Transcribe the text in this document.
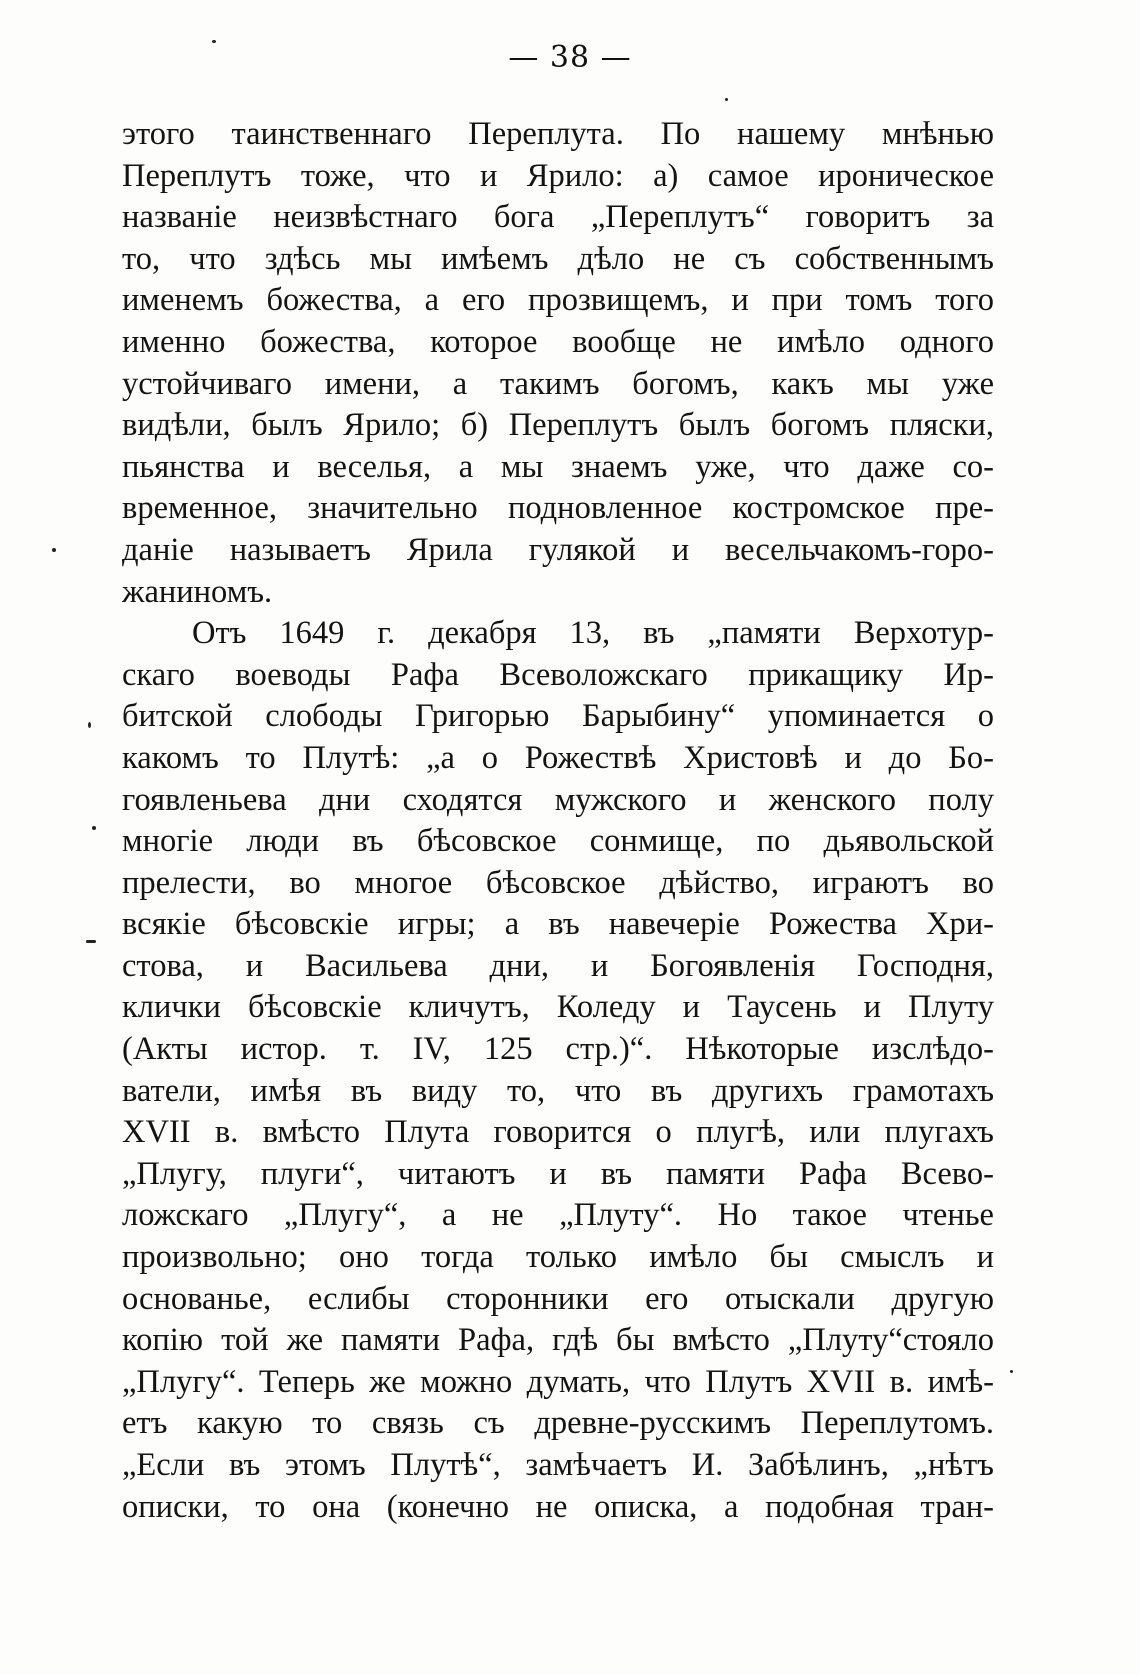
— 38 —
этого таинственнаго Переплута. По нашему мнѣнью
Переплутъ тоже, что и Ярило: а) самое ироническое
названіе неизвѣстнаго бога „Переплутъ“ говоритъ за
то, что здѣсь мы имѣемъ дѣло не съ собственнымъ
именемъ божества, а его прозвищемъ, и при томъ того
именно божества, которое вообще не имѣло одного
устойчиваго имени, а такимъ богомъ, какъ мы уже
видѣли, былъ Ярило; б) Переплутъ былъ богомъ пляски,
пьянства и веселья, а мы знаемъ уже, что даже со-
временное, значительно подновленное костромское пре-
даніе называетъ Ярила гулякой и весельчакомъ-горо-
жаниномъ.
Отъ 1649 г. декабря 13, въ „памяти Верхотур-
скаго воеводы Рафа Всеволожскаго прикащику Ир-
битской слободы Григорью Барыбину“ упоминается о
какомъ то Плутѣ: „а о Рожествѣ Христовѣ и до Бо-
гоявленьева дни сходятся мужского и женского полу
многіе люди въ бѣсовское сонмище, по дьявольской
прелести, во многое бѣсовское дѣйство, играютъ во
всякіе бѣсовскіе игры; а въ навечеріе Рожества Хри-
стова, и Васильева дни, и Богоявленія Господня,
клички бѣсовскіе кличутъ, Коледу и Таусень и Плуту
(Акты истор. т. IV, 125 стр.)“. Нѣкоторые изслѣдо-
ватели, имѣя въ виду то, что въ другихъ грамотахъ
XVII в. вмѣсто Плута говорится о плугѣ, или плугахъ
„Плугу, плуги“, читаютъ и въ памяти Рафа Всево-
ложскаго „Плугу“, а не „Плуту“. Но такое чтенье
произвольно; оно тогда только имѣло бы смыслъ и
основанье, еслибы сторонники его отыскали другую
копію той же памяти Рафа, гдѣ бы вмѣсто „Плуту“стояло
„Плугу“. Теперь же можно думать, что Плутъ XVII в. имѣ-
етъ какую то связь съ древне-русскимъ Переплутомъ.
„Если въ этомъ Плутѣ“, замѣчаетъ И. Забѣлинъ, „нѣтъ
описки, то она (конечно не описка, а подобная тран-
